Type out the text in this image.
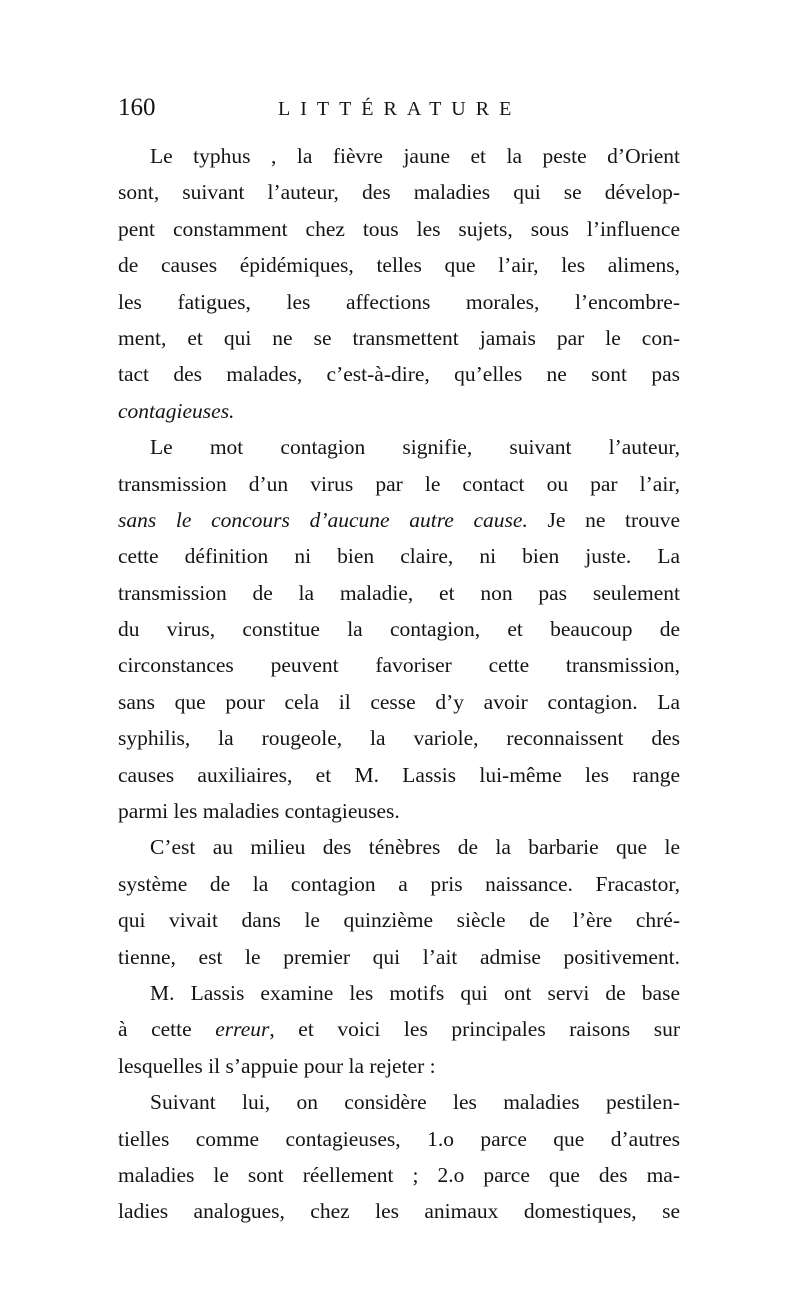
160	LITTÉRATURE
Le typhus , la fièvre jaune et la peste d’Orient
sont, suivant l’auteur, des maladies qui se dévelop-
pent constamment chez tous les sujets, sous l’influence
de causes épidémiques, telles que l’air, les alimens,
les fatigues, les affections morales, l’encombre-
ment, et qui ne se transmettent jamais par le con-
tact des malades, c’est-à-dire, qu’elles ne sont pas
contagieuses.
Le mot contagion signifie, suivant l’auteur,
transmission d’un virus par le contact ou par l’air,
sans le concours d’aucune autre cause. Je ne trouve
cette définition ni bien claire, ni bien juste. La
transmission de la maladie, et non pas seulement
du virus, constitue la contagion, et beaucoup de
circonstances peuvent favoriser cette transmission,
sans que pour cela il cesse d’y avoir contagion. La
syphilis, la rougeole, la variole, reconnaissent des
causes auxiliaires, et M. Lassis lui-même les range
parmi les maladies contagieuses.
C’est au milieu des ténèbres de la barbarie que le
système de la contagion a pris naissance. Fracastor,
qui vivait dans le quinzième siècle de l’ère chré-
tienne, est le premier qui l’ait admise positivement.
M. Lassis examine les motifs qui ont servi de base
à cette erreur, et voici les principales raisons sur
lesquelles il s’appuie pour la rejeter :
Suivant lui, on considère les maladies pestilen-
tielles comme contagieuses, 1.o parce que d’autres
maladies le sont réellement ; 2.o parce que des ma-
ladies analogues, chez les animaux domestiques, se
